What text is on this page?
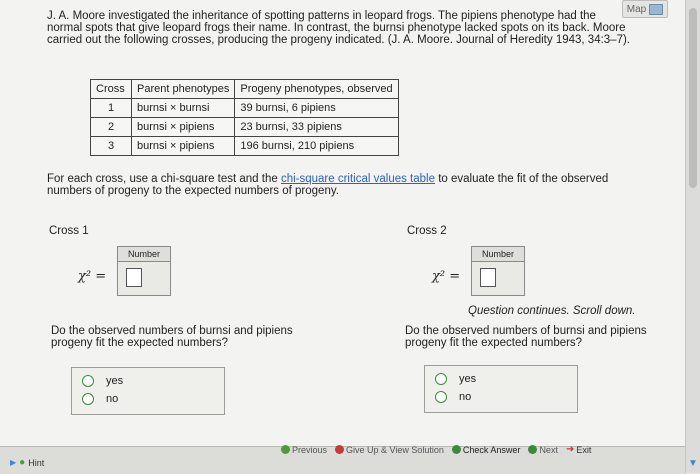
Map
J. A. Moore investigated the inheritance of spotting patterns in leopard frogs. The pipiens phenotype had the normal spots that give leopard frogs their name. In contrast, the burnsi phenotype lacked spots on its back. Moore carried out the following crosses, producing the progeny indicated. (J. A. Moore. Journal of Heredity 1943, 34:3–7).
Cross	Parent phenotypes	Progeny phenotypes, observed
1	burnsi × burnsi	39 burnsi, 6 pipiens
2	burnsi × pipiens	23 burnsi, 33 pipiens
3	burnsi × pipiens	196 burnsi, 210 pipiens
For each cross, use a chi-square test and the chi-square critical values table to evaluate the fit of the observed numbers of progeny to the expected numbers of progeny.
Cross 1
Number
χ² =
Do the observed numbers of burnsi and pipiens progeny fit the expected numbers?
yes
no
Cross 2
Number
χ² =
Question continues. Scroll down.
Do the observed numbers of burnsi and pipiens progeny fit the expected numbers?
yes
no
▶ ● Hint
Previous Give Up & View Solution Check Answer Next ➜ Exit
▼
